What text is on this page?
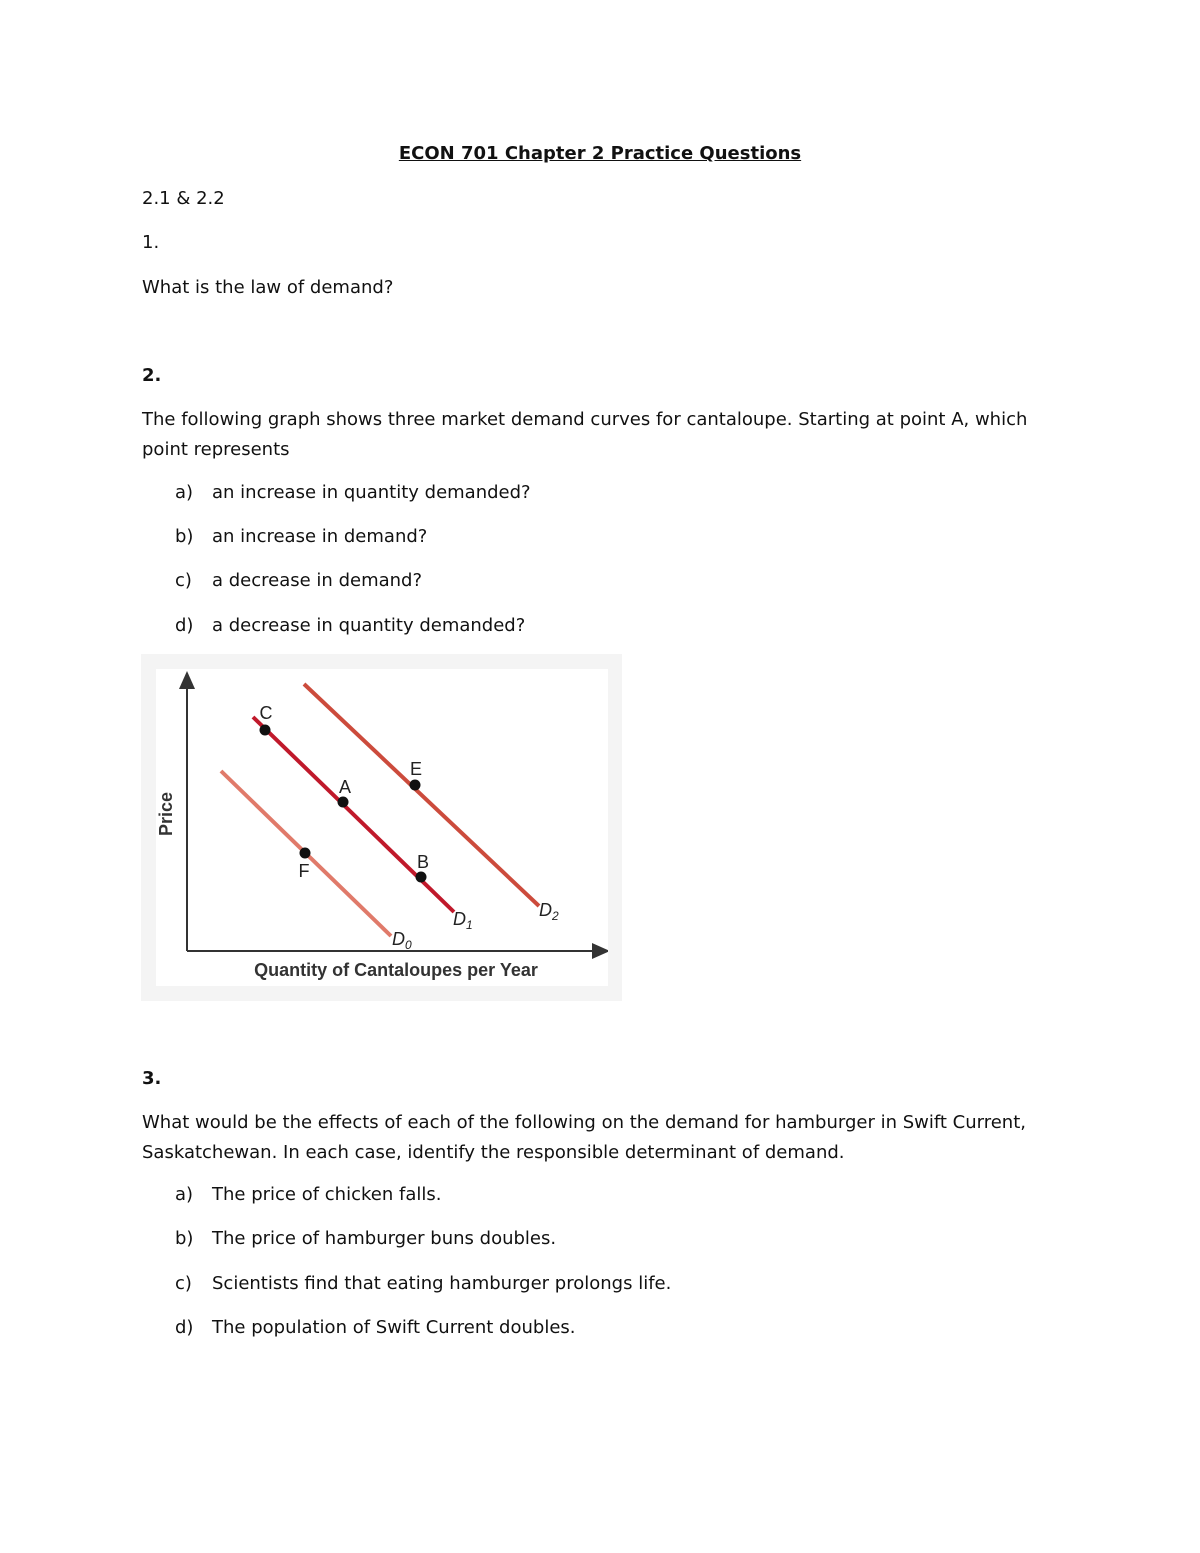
ECON 701 Chapter 2 Practice Questions
2.1 & 2.2
1.
What is the law of demand?
2.
The following graph shows three market demand curves for cantaloupe. Starting at point A, which point represents
a)	an increase in quantity demanded?
b)	an increase in demand?
c)	a decrease in demand?
d)	a decrease in quantity demanded?
C
A
B
E
F
$D_0$
$D_1$
$D_2$
Price
Quantity of Cantaloupes per Year
3.
What would be the effects of each of the following on the demand for hamburger in Swift Current, Saskatchewan. In each case, identify the responsible determinant of demand.
a)	The price of chicken falls.
b)	The price of hamburger buns doubles.
c)	Scientists find that eating hamburger prolongs life.
d)	The population of Swift Current doubles.
